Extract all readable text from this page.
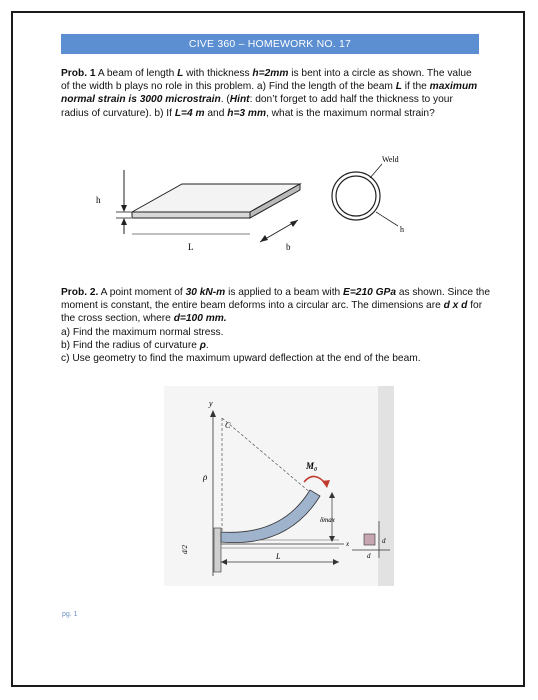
CIVE 360 – HOMEWORK NO. 17

Prob. 1 A beam of length L with thickness h=2mm is bent into a circle as shown. The value of the width b plays no role in this problem. a) Find the length of the beam L if the maximum normal strain is 3000 microstrain. (Hint: don’t forget to add half the thickness to your radius of curvature). b) If L=4 m and h=3 mm, what is the maximum normal strain?

h
L	b
Weld
h

Prob. 2. A point moment of 30 kN-m is applied to a beam with E=210 GPa as shown. Since the moment is constant, the entire beam deforms into a circular arc. The dimensions are d x d for the cross section, where d=100 mm.

a) Find the maximum normal stress.

b) Find the radius of curvature ρ.

c) Use geometry to find the maximum upward deflection at the end of the beam.

y
C
ρ
M₀
δmax
x
L
d/2
d
d
pg. 1
